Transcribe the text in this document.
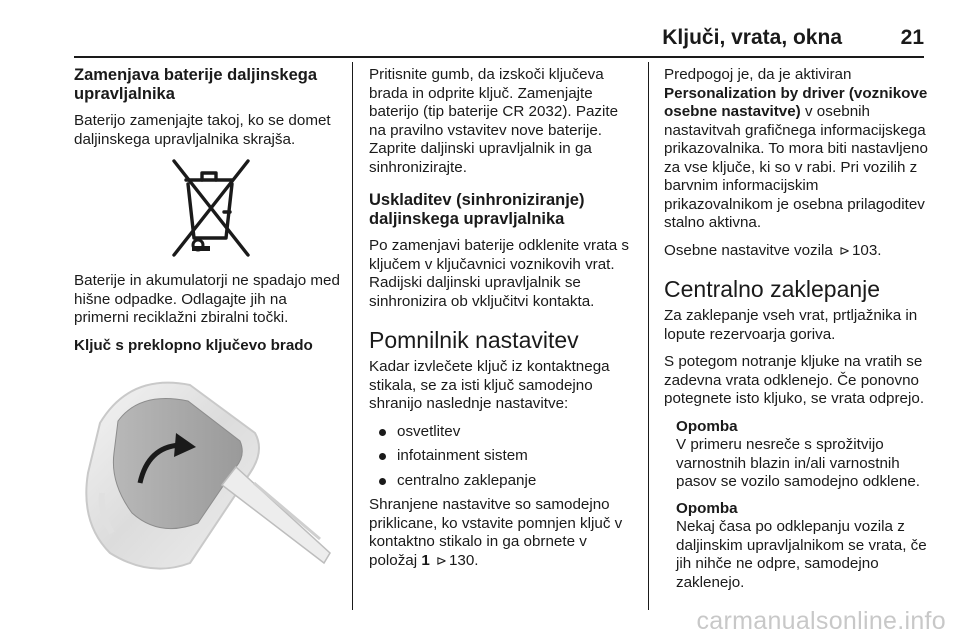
Ključi, vrata, okna	21
Zamenjava baterije daljinskega upravljalnika

Baterijo zamenjajte takoj, ko se domet daljinskega upravljalnika skrajša.

Baterije in akumulatorji ne spadajo med hišne odpadke. Odlagajte jih na primerni reciklažni zbiralni točki.

Ključ s preklopno ključevo brado

Pritisnite gumb, da izskoči ključeva brada in odprite ključ. Zamenjajte baterijo (tip baterije CR 2032). Pazite na pravilno vstavitev nove baterije. Zaprite daljinski upravljalnik in ga sinhronizirajte.

Uskladitev (sinhroniziranje) daljinskega upravljalnika

Po zamenjavi baterije odklenite vrata s ključem v ključavnici voznikovih vrat. Radijski daljinski upravljalnik se sinhronizira ob vključitvi kontakta.

Pomnilnik nastavitev

Kadar izvlečete ključ iz kontaktnega stikala, se za isti ključ samodejno shranijo naslednje nastavitve:

osvetlitev
infotainment sistem
centralno zaklepanje

Shranjene nastavitve so samodejno priklicane, ko vstavite pomnjen ključ v kontaktno stikalo in ga obrnete v položaj 1 ⊳ 130.

Predpogoj je, da je aktiviran Personalization by driver (voznikove osebne nastavitve) v osebnih nastavitvah grafičnega informacijskega prikazovalnika. To mora biti nastavljeno za vse ključe, ki so v rabi. Pri vozilih z barvnim informacijskim prikazovalnikom je osebna prilagoditev stalno aktivna.

Osebne nastavitve vozila ⊳ 103.

Centralno zaklepanje

Za zaklepanje vseh vrat, prtljažnika in lopute rezervoarja goriva.

S potegom notranje kljuke na vratih se zadevna vrata odklenejo. Če ponovno potegnete isto kljuko, se vrata odprejo.

Opomba
V primeru nesreče s sprožitvijo varnostnih blazin in/ali varnostnih pasov se vozilo samodejno odklene.
Opomba
Nekaj časa po odklepanju vozila z daljinskim upravljalnikom se vrata, če jih nihče ne odpre, samodejno zaklenejo.
carmanualsonline.info
